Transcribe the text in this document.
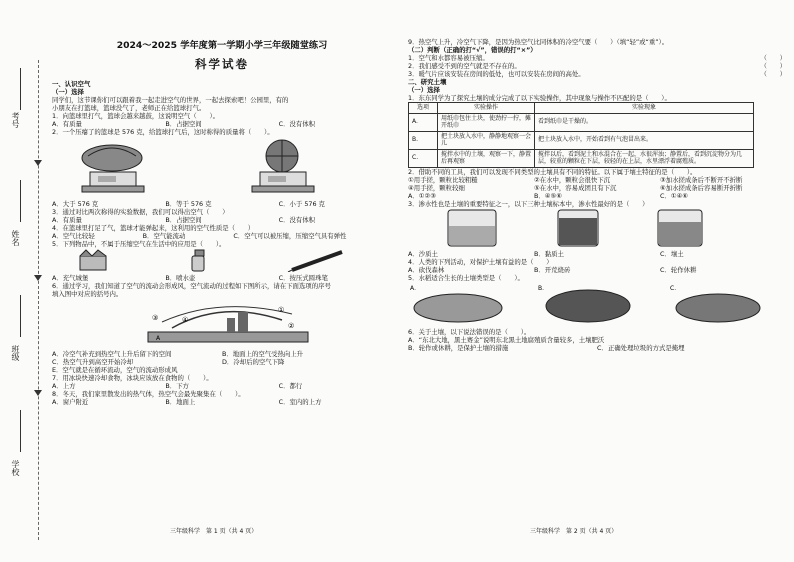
考号
姓名
班级
学校
2024～2025 学年度第一学期小学三年级随堂练习
科学试卷
一、认识空气
（一）选择
同学们，这节课你们可以跟着我一起走进空气的世界，一起去探索吧！公园里，有的
小朋友在打篮球，篮球没气了，老师正在给篮球打气。
1．向篮球里打气，篮球会越来越鼓，这说明空气（　　）。
A．有质量	B．占据空间	C．没有体积
2．一个压瘪了的篮球是 576 克，给篮球打气后，这时称得的质量将（　　）。
A．大于 576 克	B．等于 576 克	C．小于 576 克
3．通过对比两次称得的实验数据，我们可以得出空气（　　）
A．有质量	B．占据空间	C．没有体积
4．在篮球里打足了气，篮球才能弹起来，这利用的空气性质是（　　）
A．空气比较轻	B．空气能流动	C．空气可以被压缩，压缩空气具有弹性
5．下列物品中，不属于压缩空气在生活中的应用是（　　）。
A．充气城堡	B．喷水壶	C．按压式圆珠笔
6．通过学习，我们知道了空气的流动会形成风，空气流动的过程如下图所示，请在下面选项的序号
填入图中对应的括号内。
③	④
①
②
A
A．冷空气补充到热空气上升后留下的空间	B．地面上的空气受热向上升
C．热空气升到高空开始冷却	D．冷却后的空气下降
E．空气就是在循环流动，空气的流动形成风
7．用冰块快速冷却食物，冰块应该放在食物的（　　）。
A．上方	B．下方	C．都行
8．冬天，我们家里散发出的热气体，热空气会最先聚集在（　　）。
A．窗户附近	B．地面上	C．室内的上方
三年级科学　第 1 页（共 4 页）
9．热空气上升，冷空气下降，是因为热空气比同体积的冷空气要（　　）（填“轻”或“重”）。
（二）判断（正确的打“√”，错误的打“×”）
1．空气和水都容易被压缩。	（　　）
2．我们感受不到的空气就是不存在的。	（　　）
3．暖气片应该安装在房间的低处，也可以安装在房间的高处。	（　　）
二、研究土壤
（一）选择
1．东东同学为了探究土壤的成分完成了以下实验操作，其中现象与操作不匹配的是（　　）。
选项	实验操作	实验现象
A.	用纸巾包住土块，使劲拧一拧，摊开纸巾	看到纸巾是干燥的。
B.	把土块放入水中，静静地观察一会儿	把土块放入水中，开始看到有气泡冒出来。
C.	搅拌水中的土壤，观察一下，静置后再观察	搅拌以后，看到泥土和水混合在一起，水很浑浊；静置后，看到沉淀物分为几层，较重的颗粒在下层，较轻的在上层，水里漂浮着腐殖质。
2．借助不同的工具，我们可以发现不同类型的土壤具有不同的特征。以下属于壤土特征的是（　　）。
①用手搓，颗粒比较粗糙	②在水中，颗粒会很快下沉	③加水搓成条后不断开不折断
④用手搓，颗粒较细	⑤在水中，容易成团且有下沉	⑥加水搓成条后容易断开折断
A．①②③	B．④⑤⑥	C．①④⑥
3．渗水性也是土壤的重要特征之一，以下三种土壤标本中，渗水性最好的是（　　）
A．沙质土	B．黏质土	C．壤土
4．人类的下列活动，对保护土壤有益的是（　　）
A．砍伐森林	B．开荒烧砖	C．轮作休耕
5．水稻适合生长的土壤类型是（　　）。
A．	B．	C．
6．关于土壤，以下说法错误的是（　　）。
A．“东北大地，黑土赛金”说明东北黑土地腐殖质含量较多，土壤肥沃
B．轮作或休耕，是保护土壤的措施	C．正确处理垃圾的方式是掩埋
三年级科学　第 2 页（共 4 页）
